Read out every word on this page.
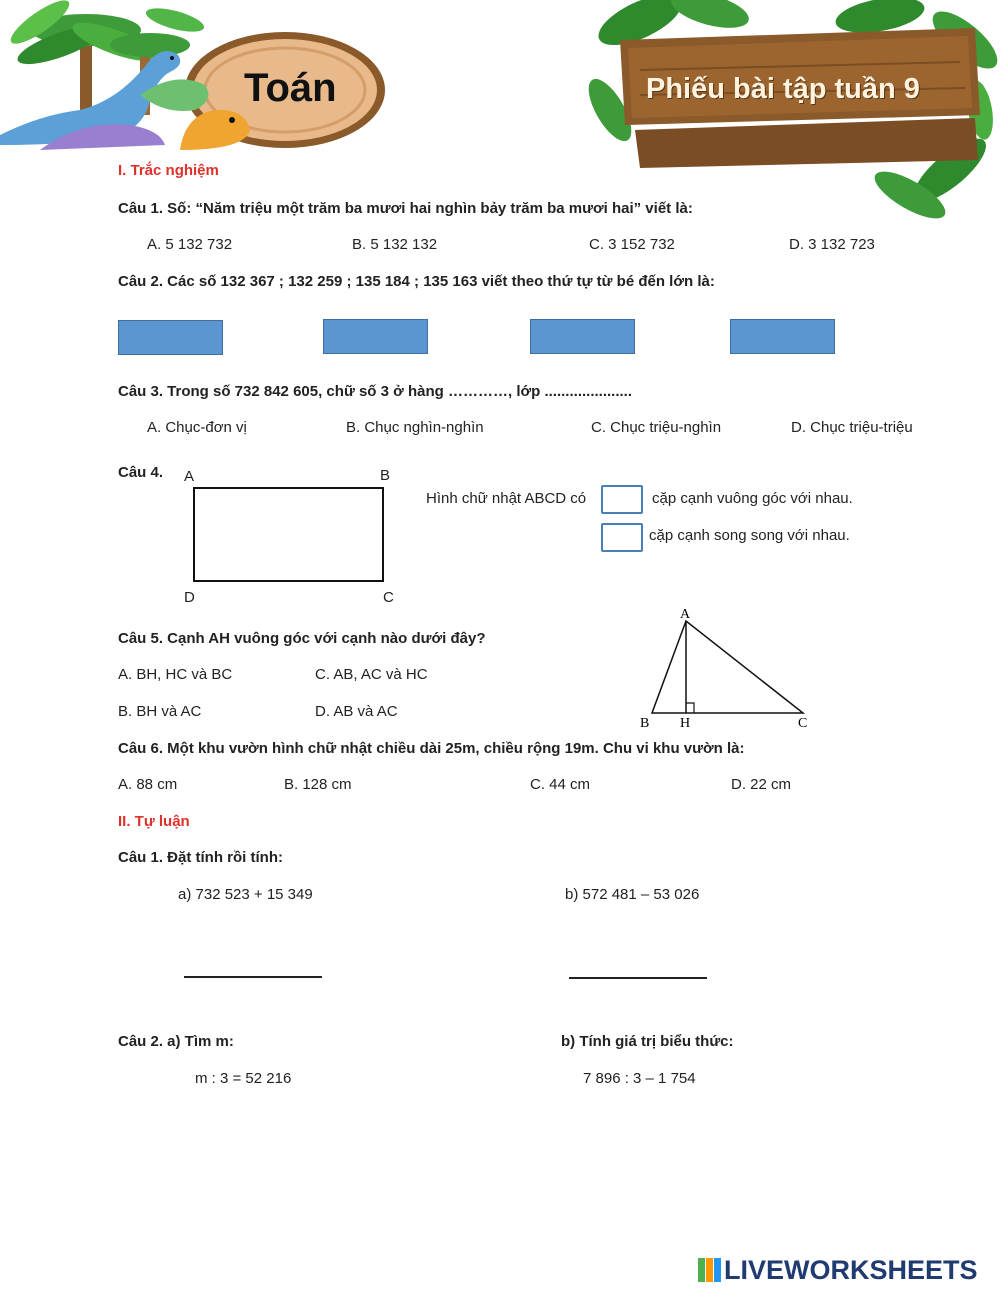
Toán	Phiếu bài tập tuần 9
I. Trắc nghiệm
Câu 1. Số: “Năm triệu một trăm ba mươi hai nghìn bảy trăm ba mươi hai” viết là:
A. 5 132 732	B. 5 132 132	C. 3 152 732	D. 3 132 723
Câu 2. Các số 132 367 ; 132 259 ; 135 184 ; 135 163 viết theo thứ tự từ bé đến lớn là:
Câu 3. Trong số 732 842 605, chữ số 3 ở hàng …………, lớp .....................
A. Chục-đơn vị	B. Chục nghìn-nghìn	C. Chục triệu-nghìn	D. Chục triệu-triệu
Câu 4. A	B
D	C
Hình chữ nhật ABCD có	cặp cạnh vuông góc với nhau.
cặp cạnh song song với nhau.
Câu 5. Cạnh AH vuông góc với cạnh nào dưới đây?
A. BH, HC và BC	C. AB, AC và HC
B. BH và AC	D. AB và AC
A
B H	C
Câu 6. Một khu vườn hình chữ nhật chiều dài 25m, chiều rộng 19m. Chu vi khu vườn là:
A. 88 cm	B. 128 cm	C. 44 cm	D. 22 cm
II. Tự luận
Câu 1. Đặt tính rồi tính:
a) 732 523 + 15 349	b) 572 481 – 53 026
Câu 2. a) Tìm m:
m : 3 = 52 216
b) Tính giá trị biểu thức:
7 896 : 3 – 1 754
LIVEWORKSHEETS
